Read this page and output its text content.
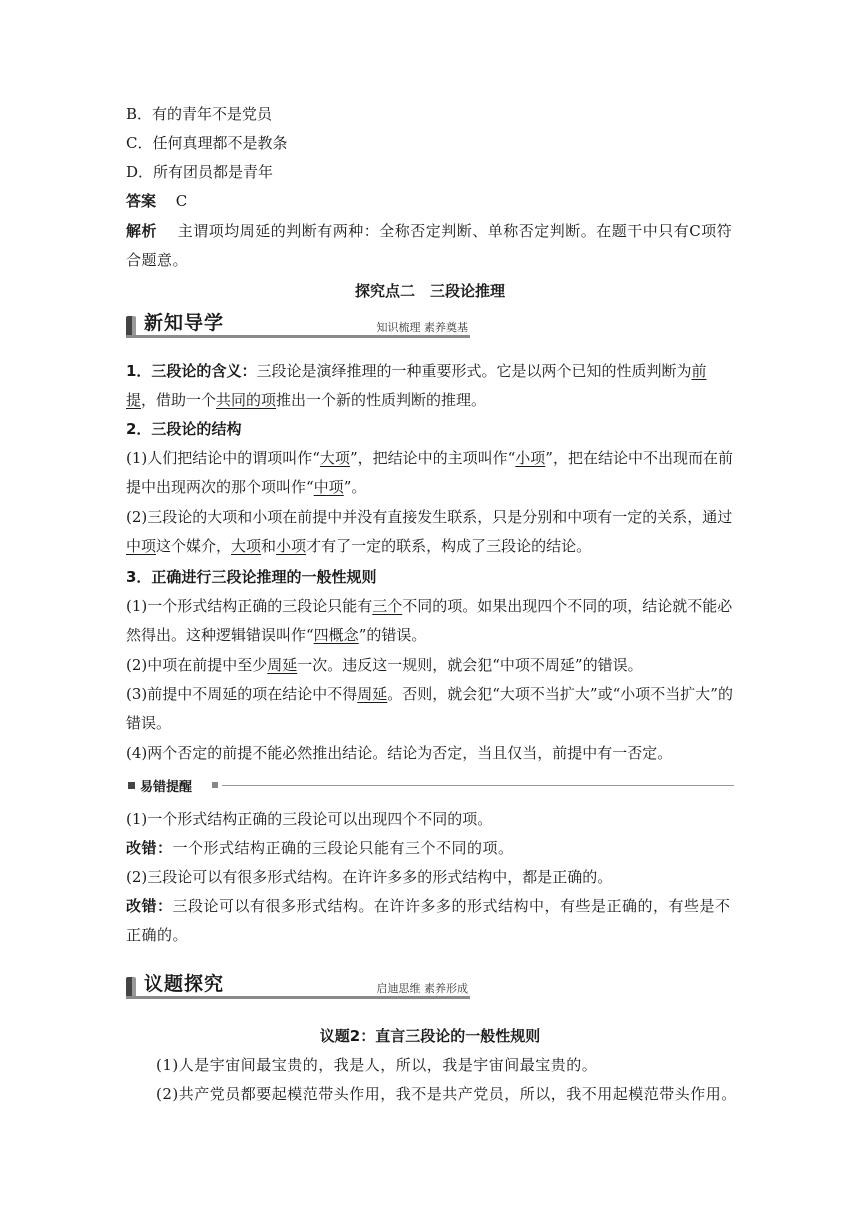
B．有的青年不是党员

C．任何真理都不是教条

D．所有团员都是青年

答案　 C

解析　 主谓项均周延的判断有两种：全称否定判断、单称否定判断。在题干中只有C项符合题意。

探究点二　三段论推理

新知导学	知识梳理 素养奠基

1．三段论的含义：三段论是演绎推理的一种重要形式。它是以两个已知的性质判断为前提，借助一个共同的项推出一个新的性质判断的推理。

2．三段论的结构

(1)人们把结论中的谓项叫作“大项”，把结论中的主项叫作“小项”，把在结论中不出现而在前提中出现两次的那个项叫作“中项”。

(2)三段论的大项和小项在前提中并没有直接发生联系，只是分别和中项有一定的关系，通过中项这个媒介，大项和小项才有了一定的联系，构成了三段论的结论。

3．正确进行三段论推理的一般性规则

(1)一个形式结构正确的三段论只能有三个不同的项。如果出现四个不同的项，结论就不能必然得出。这种逻辑错误叫作“四概念”的错误。

(2)中项在前提中至少周延一次。违反这一规则，就会犯“中项不周延”的错误。

(3)前提中不周延的项在结论中不得周延。否则，就会犯“大项不当扩大”或“小项不当扩大”的错误。

(4)两个否定的前提不能必然推出结论。结论为否定，当且仅当，前提中有一否定。

易错提醒

(1)一个形式结构正确的三段论可以出现四个不同的项。

改错：一个形式结构正确的三段论只能有三个不同的项。

(2)三段论可以有很多形式结构。在许许多多的形式结构中，都是正确的。

改错：三段论可以有很多形式结构。在许许多多的形式结构中，有些是正确的，有些是不正确的。

议题探究	启迪思维 素养形成

议题2：直言三段论的一般性规则

(1)人是宇宙间最宝贵的，我是人，所以，我是宇宙间最宝贵的。

(2)共产党员都要起模范带头作用，我不是共产党员，所以，我不用起模范带头作用。
